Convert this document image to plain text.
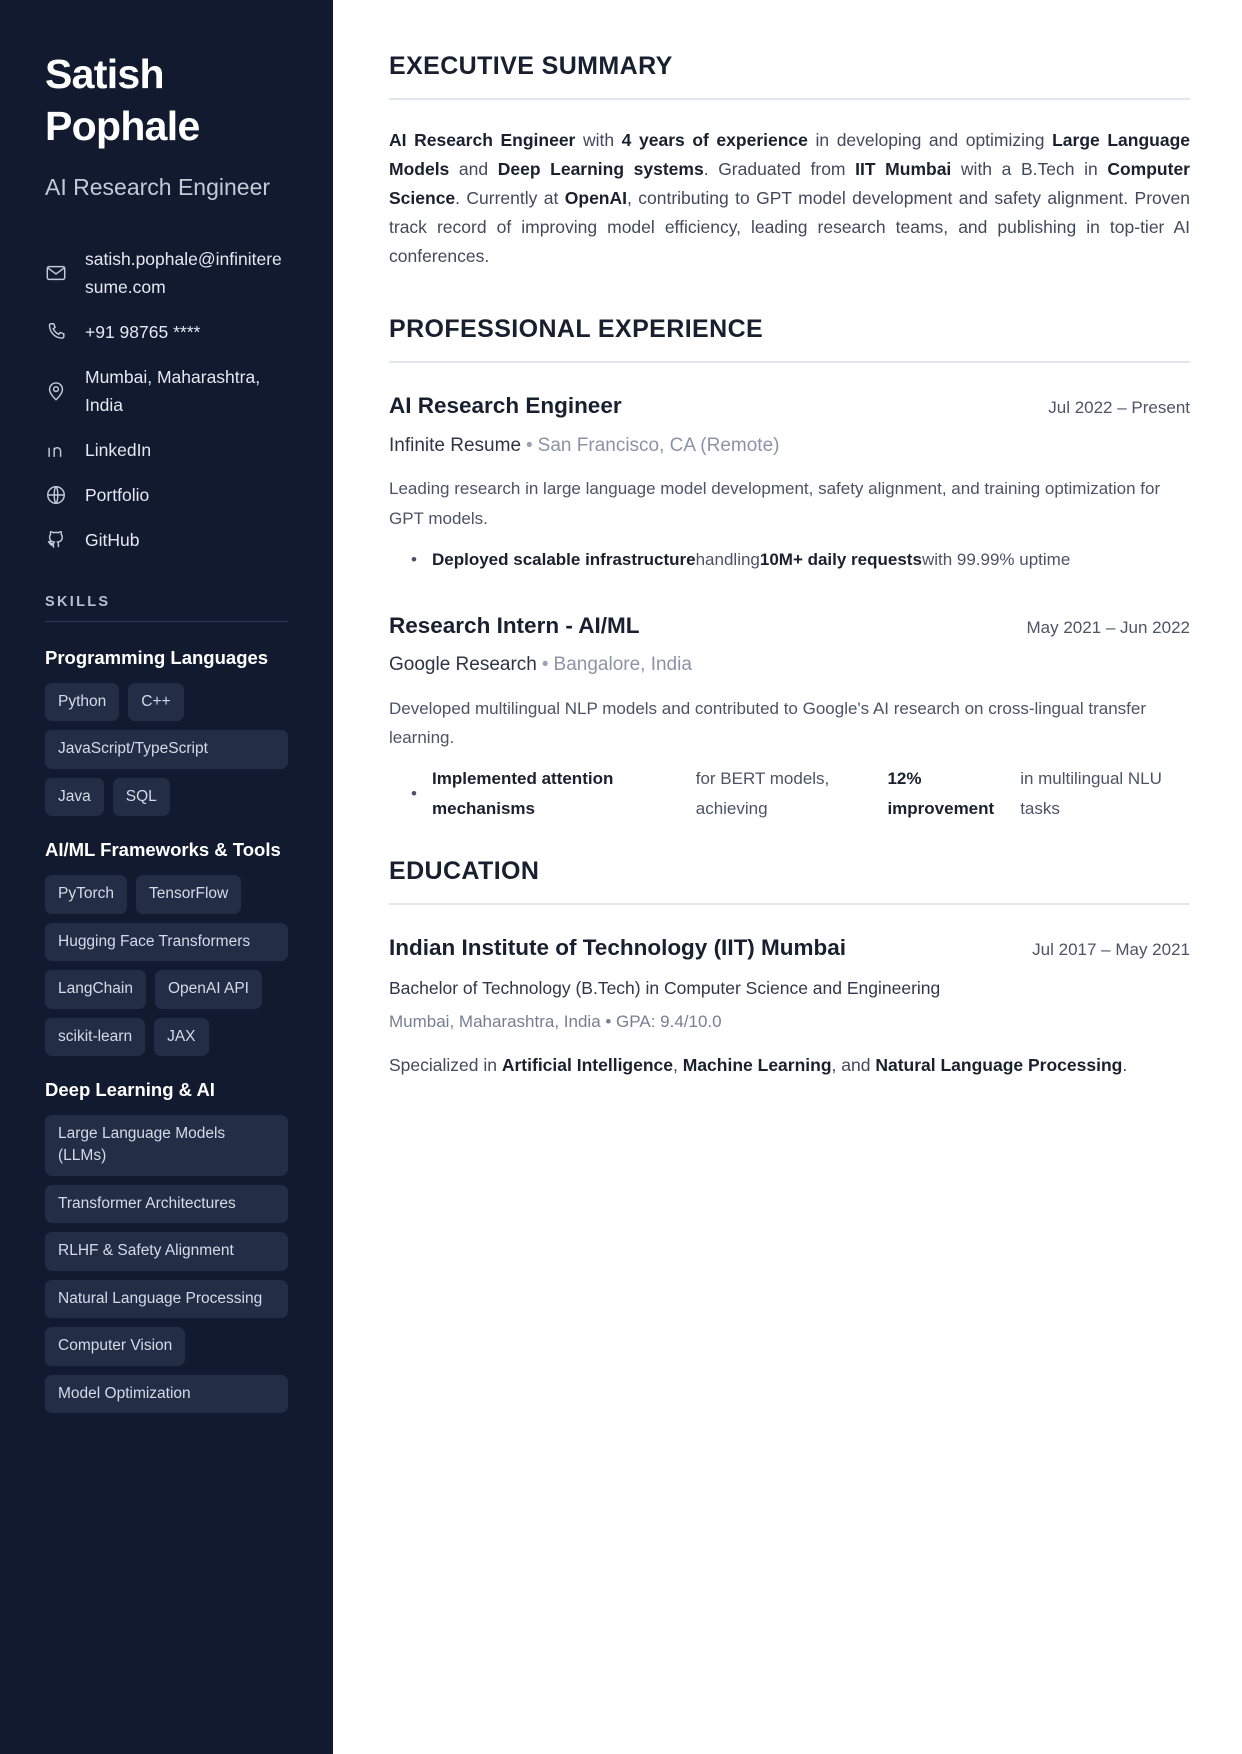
Satish Pophale
AI Research Engineer
satish.pophale@infiniteresume.com
+91 98765 ****
Mumbai, Maharashtra, India
LinkedIn
Portfolio
GitHub
SKILLS
Programming Languages
Python	C++
JavaScript/TypeScript
Java	SQL
AI/ML Frameworks & Tools
PyTorch	TensorFlow
Hugging Face Transformers
LangChain	OpenAI API
scikit-learn	JAX
Deep Learning & AI
Large Language Models (LLMs)
Transformer Architectures
RLHF & Safety Alignment
Natural Language Processing
Computer Vision
Model Optimization
EXECUTIVE SUMMARY

AI Research Engineer with 4 years of experience in developing and optimizing Large Language Models and Deep Learning systems. Graduated from IIT Mumbai with a B.Tech in Computer Science. Currently at OpenAI, contributing to GPT model development and safety alignment. Proven track record of improving model efficiency, leading research teams, and publishing in top-tier AI conferences.

PROFESSIONAL EXPERIENCE
AI Research Engineer	Jul 2022 – Present
Infinite Resume • San Francisco, CA (Remote)
Leading research in large language model development, safety alignment, and training optimization for GPT models.
• Deployed scalable infrastructure handling 10M+ daily requests with 99.99% uptime
Research Intern - AI/ML	May 2021 – Jun 2022
Google Research • Bangalore, India
Developed multilingual NLP models and contributed to Google's AI research on cross-lingual transfer learning.
• Implemented attention mechanisms
for BERT models, achieving
12% improvement
in multilingual NLU tasks
EDUCATION
Indian Institute of Technology (IIT) Mumbai	Jul 2017 – May 2021
Bachelor of Technology (B.Tech) in Computer Science and Engineering
Mumbai, Maharashtra, India • GPA: 9.4/10.0
Specialized in Artificial Intelligence, Machine Learning, and Natural Language Processing.
